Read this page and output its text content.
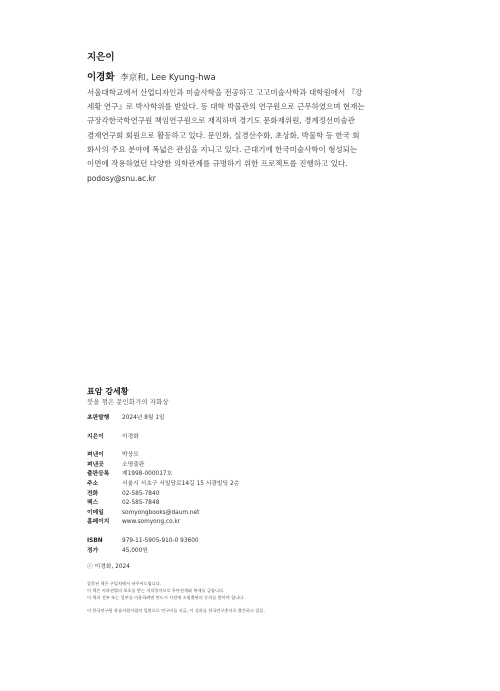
지은이
이경화 李京和, Lee Kyung-hwa
서울대학교에서 산업디자인과 미술사학을 전공하고 고고미술사학과 대학원에서 『강
세황 연구』로 박사학위를 받았다. 동 대학 박물관의 연구원으로 근무하였으며 현재는
규장각한국학연구원 책임연구원으로 재직하며 경기도 문화재위원, 경계정선미술관
겸재연구회 회원으로 활동하고 있다. 문인화, 실경산수화, 초상화, 박물학 등 한국 회
화사의 주요 분야에 폭넓은 관심을 지니고 있다. 근대기에 한국미술사학이 형성되는
이면에 작용하였던 다양한 의학관계를 규명하기 위한 프로젝트를 진행하고 있다.
podosy@snu.ac.kr
표암 강세황
붓을 꺾은 문인화가의 자화상
초판발행	2024년 8월 1일
지은이	이경화
펴낸이	박상모
펴낸곳	소명출판
출판등록	제1998-000017호
주소	서울시 서초구 서일당로14길 15 서광빌딩 2층
전화	02-585-7840
팩스	02-585-7848
이메일	somyongbooks@daum.net
홈페이지	www.somyong.co.kr
ISBN	979-11-5905-910-0 93600
정가	45,000원
ⓒ 이경화, 2024
잘못된 책은 구입처에서 바꾸어드립니다.
이 책은 저작권법의 보호를 받는 저작물이므로 무단전재와 복제를 금합니다.
이 책의 전부 또는 일부를 이용하려면 반드시 사전에 소명출판의 동의를 받아야 합니다.
이 한국연구원 학술지원사업의 일환으로 연구비를 지급, 이 성과를 한국연구총서로 출간하고 있음.
